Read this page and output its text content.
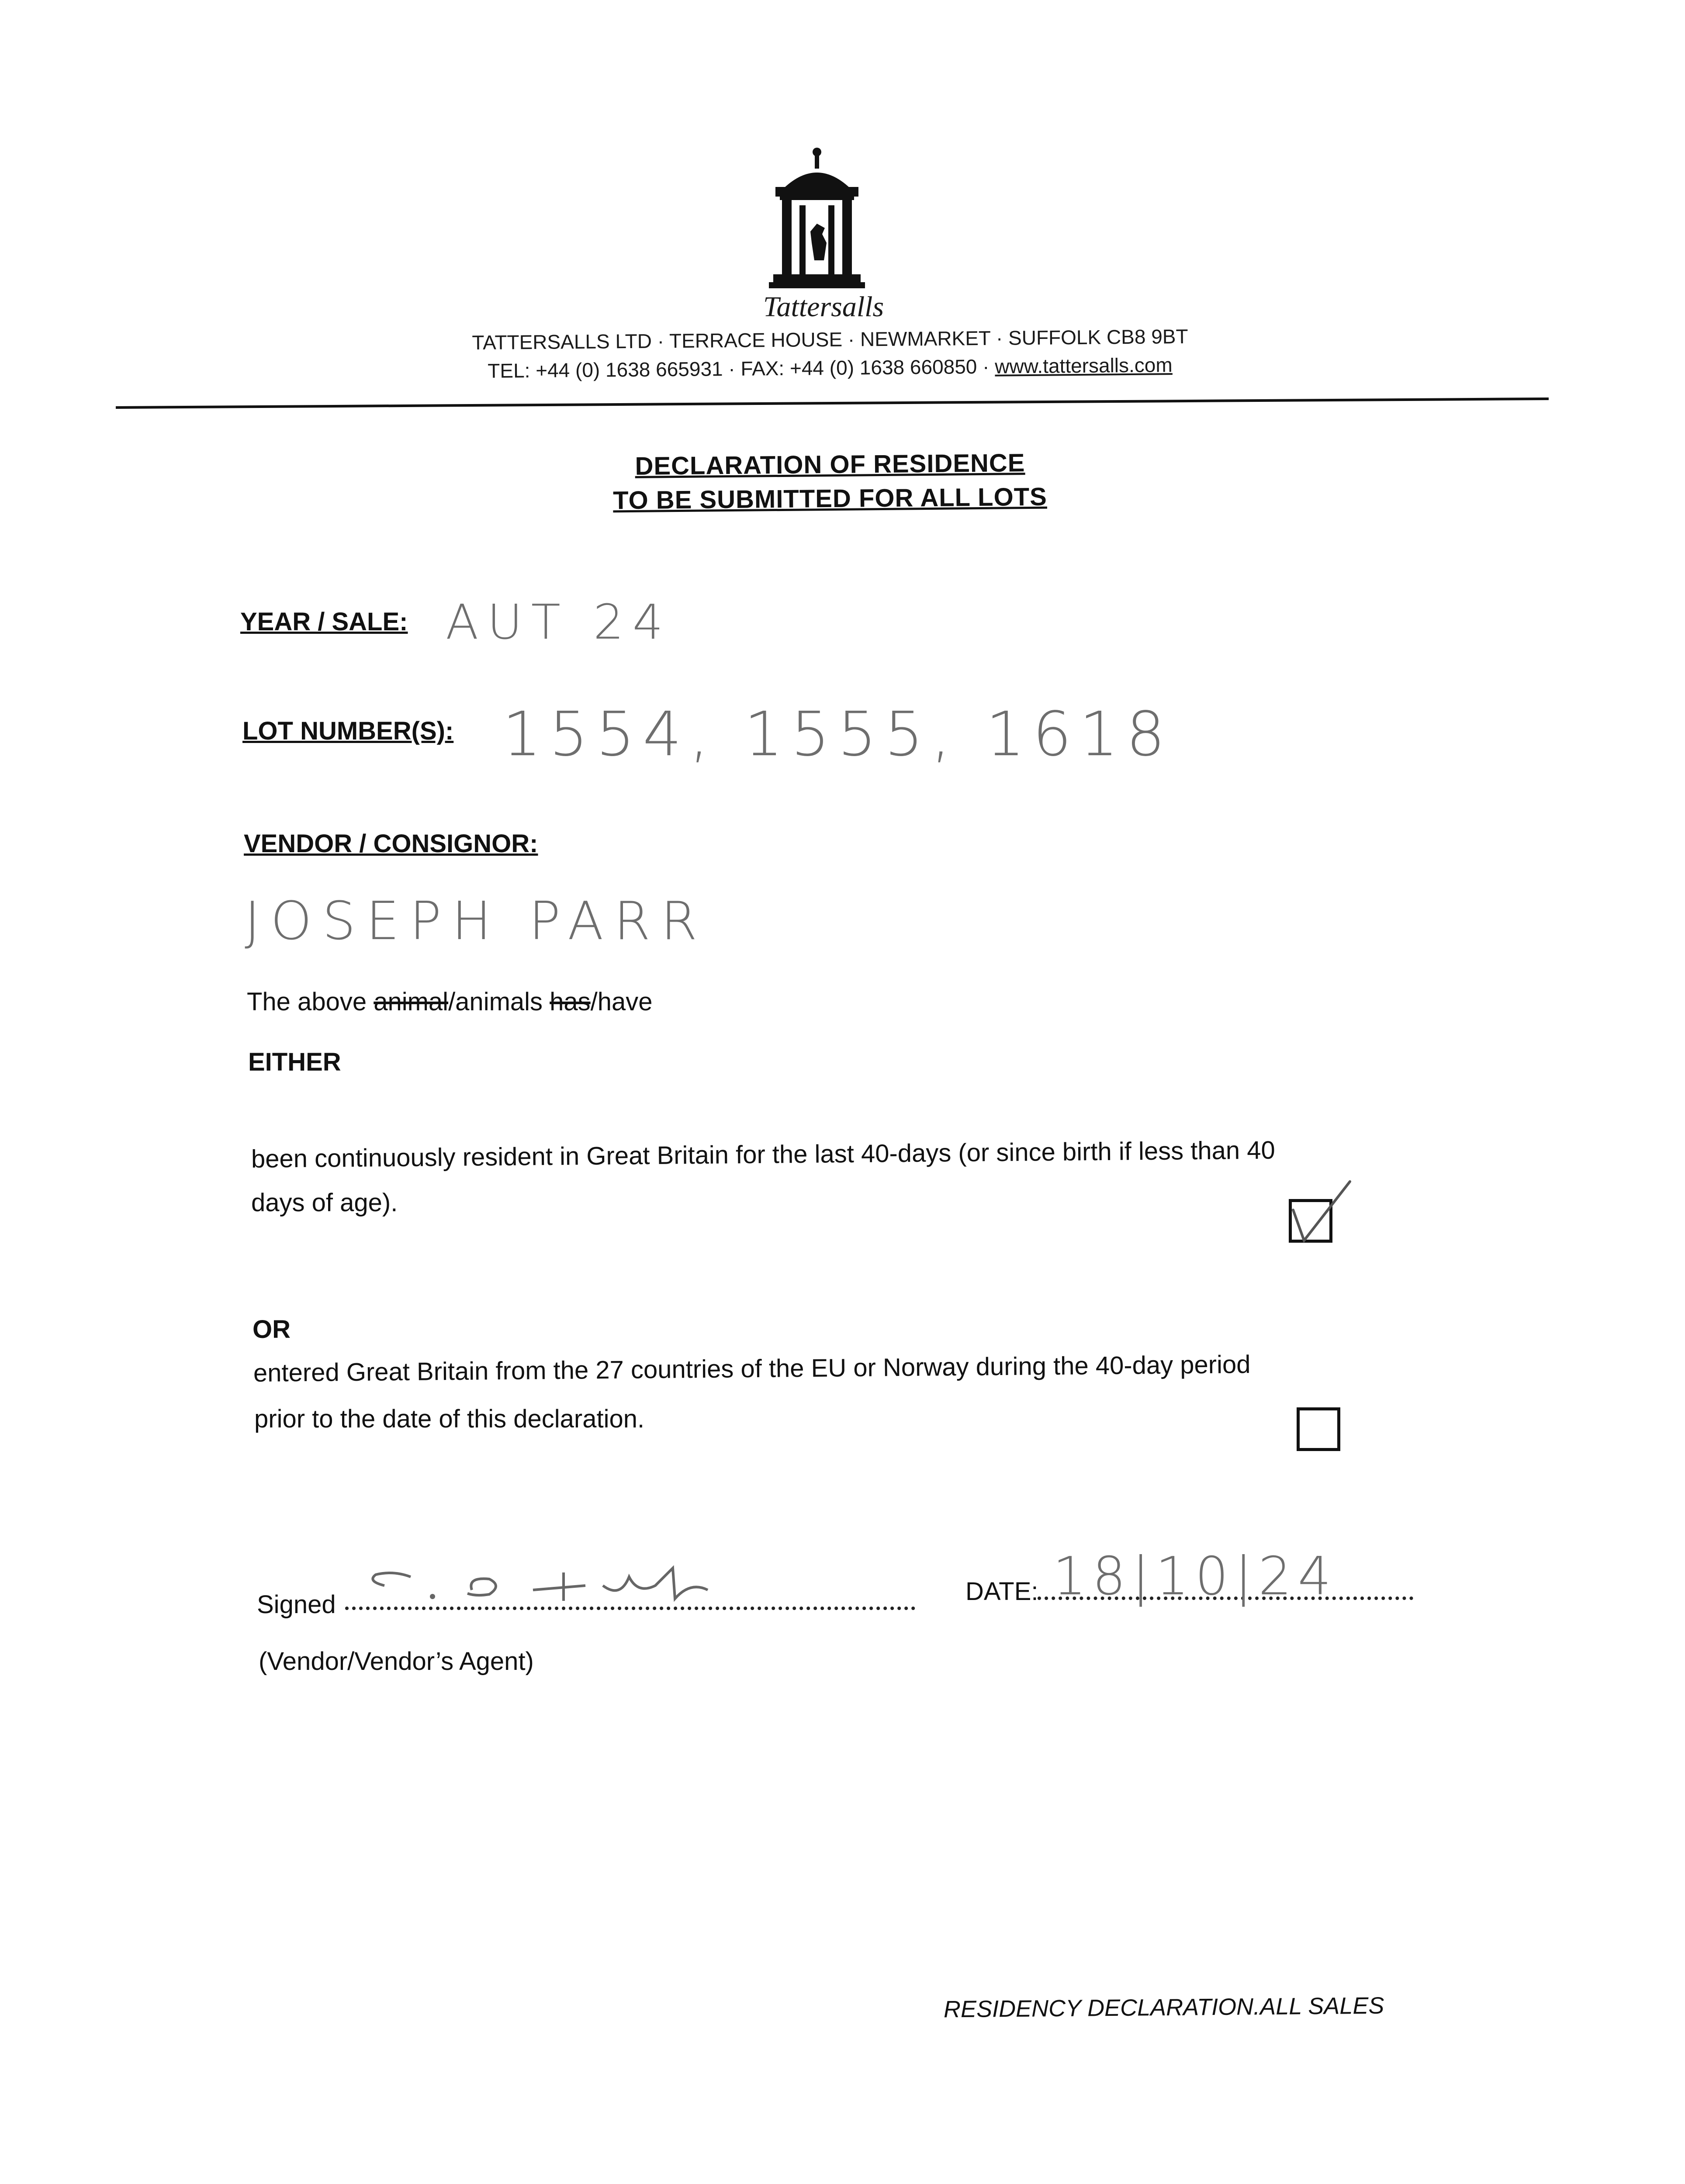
Tattersalls
TATTERSALLS LTD · TERRACE HOUSE · NEWMARKET · SUFFOLK CB8 9BT
TEL: +44 (0) 1638 665931 · FAX: +44 (0) 1638 660850 · www.tattersalls.com
DECLARATION OF RESIDENCE
TO BE SUBMITTED FOR ALL LOTS
YEAR / SALE: AUT 24
LOT NUMBER(S): 1554, 1555, 1618
VENDOR / CONSIGNOR:
JOSEPH PARR
The above animal/animals has/have
EITHER
been continuously resident in Great Britain for the last 40-days (or since birth if less than 40
days of age).
OR
entered Great Britain from the 27 countries of the EU or Norway during the 40-day period
prior to the date of this declaration.
Signed	DATE: 18|10|24
(Vendor/Vendor’s Agent)
RESIDENCY DECLARATION.ALL SALES
